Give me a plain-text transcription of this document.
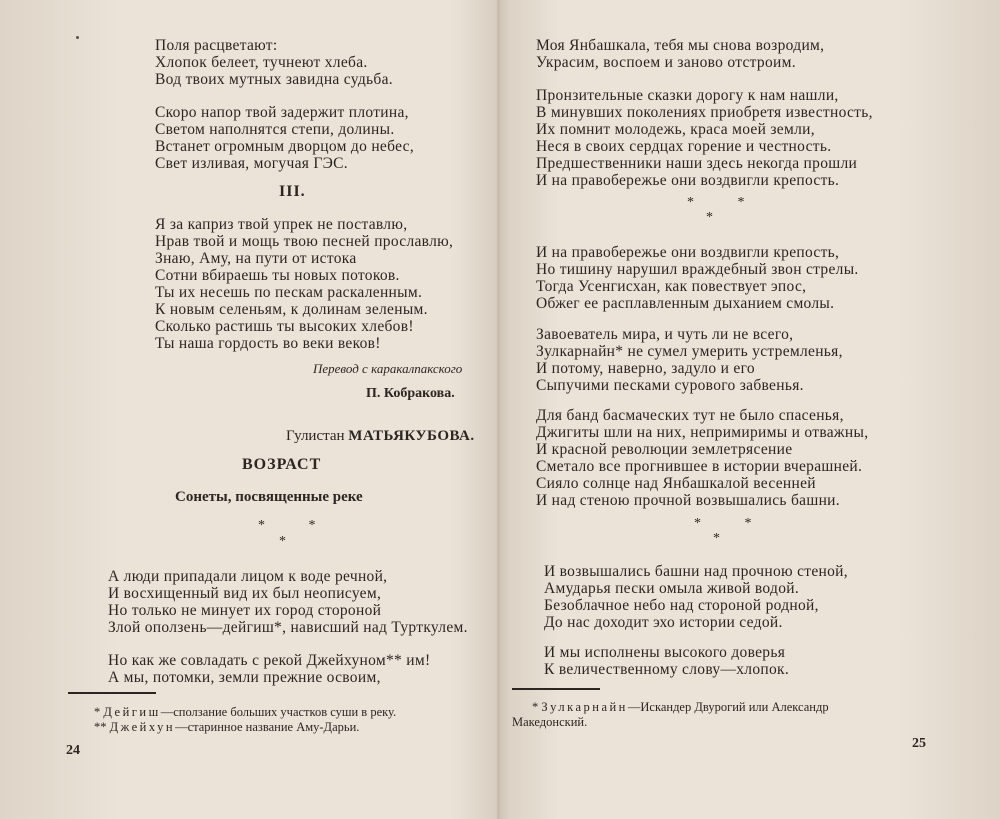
Поля расцветают:
Хлопок белеет, тучнеют хлеба.
Вод твоих мутных завидна судьба.
Скоро напор твой задержит плотина,
Светом наполнятся степи, долины.
Встанет огромным дворцом до небес,
Свет изливая, могучая ГЭС.
III.
Я за каприз твой упрек не поставлю,
Нрав твой и мощь твою песней прославлю,
Знаю, Аму, на пути от истока
Сотни вбираешь ты новых потоков.
Ты их несешь по пескам раскаленным.
К новым селеньям, к долинам зеленым.
Сколько растишь ты высоких хлебов!
Ты наша гордость во веки веков!
Перевод с каракалпакского
П. Кобракова.
Гулистан МАТЬЯКУБОВА.
ВОЗРАСТ
Сонеты, посвященные реке
* *
*
А люди припадали лицом к воде речной,
И восхищенный вид их был неописуем,
Но только не минует их город стороной
Злой оползень—дейгиш*, нависший над Турткулем.
Но как же совладать с рекой Джейхуном** им!
А мы, потомки, земли прежние освоим,
* Дейгиш—сползание больших участков суши в реку.
** Джейхун—старинное название Аму-Дарьи.
24
Моя Янбашкала, тебя мы снова возродим,
Украсим, воспоем и заново отстроим.
Пронзительные сказки дорогу к нам нашли,
В минувших поколениях приобретя известность,
Их помнит молодежь, краса моей земли,
Неся в своих сердцах горение и честность.
Предшественники наши здесь некогда прошли
И на правобережье они воздвигли крепость.
* *
*
И на правобережье они воздвигли крепость,
Но тишину нарушил враждебный звон стрелы.
Тогда Усенгисхан, как повествует эпос,
Обжег ее расплавленным дыханием смолы.
Завоеватель мира, и чуть ли не всего,
Зулкарнайн* не сумел умерить устремленья,
И потому, наверно, задуло и его
Сыпучими песками сурового забвенья.
Для банд басмаческих тут не было спасенья,
Джигиты шли на них, непримиримы и отважны,
И красной революции землетрясение
Сметало все прогнившее в истории вчерашней.
Сияло солнце над Янбашкалой весенней
И над стеною прочной возвышались башни.
* *
*
И возвышались башни над прочною стеной,
Амударья пески омыла живой водой.
Безоблачное небо над стороной родной,
До нас доходит эхо истории седой.
И мы исполнены высокого доверья
К величественному слову—хлопок.
* Зулкарнайн—Искандер Двурогий или Александр
Македонский.
25
